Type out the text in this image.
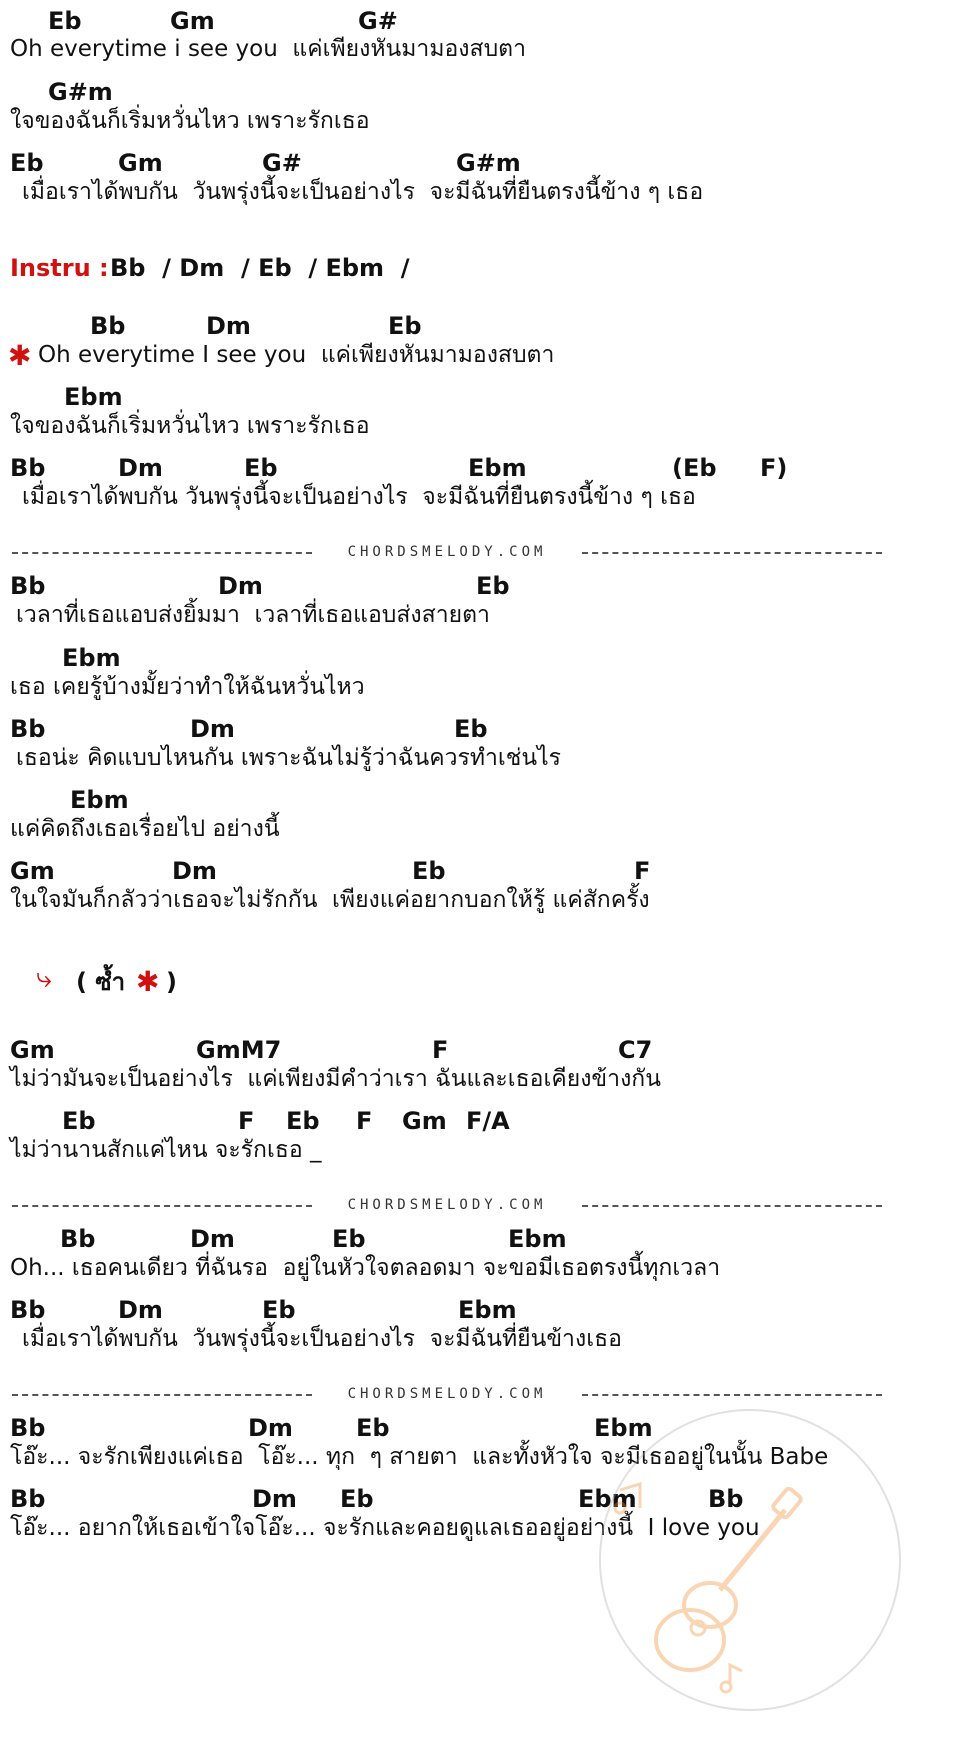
Eb	Gm	G#
Oh everytime i see you  แค่เพียงหันมามองสบตา
G#m
ใจของฉันก็เริ่มหวั่นไหว เพราะรักเธอ
Eb	Gm	G#	G#m
เมื่อเราได้พบกัน  วันพรุ่งนี้จะเป็นอย่างไร  จะมีฉันที่ยืนตรงนี้ข้าง ๆ เธอ
Instru : Bb  / Dm  / Eb  / Ebm  /
Bb	Dm	Eb
✱ Oh everytime I see you  แค่เพียงหันมามองสบตา
Ebm
ใจของฉันก็เริ่มหวั่นไหว เพราะรักเธอ
Bb	Dm	Eb	Ebm	(Eb F)
เมื่อเราได้พบกัน วันพรุ่งนี้จะเป็นอย่างไร  จะมีฉันที่ยืนตรงนี้ข้าง ๆ เธอ
CHORDSMELODY.COM
Bb	Dm	Eb
เวลาที่เธอแอบส่งยิ้มมา  เวลาที่เธอแอบส่งสายตา
Ebm
เธอ เคยรู้บ้างมั้ยว่าทำให้ฉันหวั่นไหว
Bb	Dm	Eb
เธอน่ะ คิดแบบไหนกัน เพราะฉันไม่รู้ว่าฉันควรทำเช่นไร
Ebm
แค่คิดถึงเธอเรื่อยไป อย่างนี้
Gm	Dm	Eb	F
ในใจมันก็กลัวว่าเธอจะไม่รักกัน  เพียงแค่อยากบอกให้รู้ แค่สักครั้ง
⤷ ( ซ้ำ ✱ )
Gm	GmM7	F	C7
ไม่ว่ามันจะเป็นอย่างไร  แค่เพียงมีคำว่าเรา ฉันและเธอเคียงข้างกัน
Eb	F Eb F Gm F/A
ไม่ว่านานสักแค่ไหน จะรักเธอ _
CHORDSMELODY.COM
Bb	Dm	Eb	Ebm
Oh... เธอคนเดียว ที่ฉันรอ  อยู่ในหัวใจตลอดมา จะขอมีเธอตรงนี้ทุกเวลา
Bb	Dm	Eb	Ebm
เมื่อเราได้พบกัน  วันพรุ่งนี้จะเป็นอย่างไร  จะมีฉันที่ยืนข้างเธอ
CHORDSMELODY.COM
Bb	Dm	Eb	Ebm
โอ๊ะ... จะรักเพียงแค่เธอ  โอ๊ะ... ทุก  ๆ สายตา  และทั้งหัวใจ จะมีเธออยู่ในนั้น Babe
Bb	Dm Eb	Ebm	Bb
โอ๊ะ... อยากให้เธอเข้าใจโอ๊ะ... จะรักและคอยดูแลเธออยู่อย่างนี้  I love you
